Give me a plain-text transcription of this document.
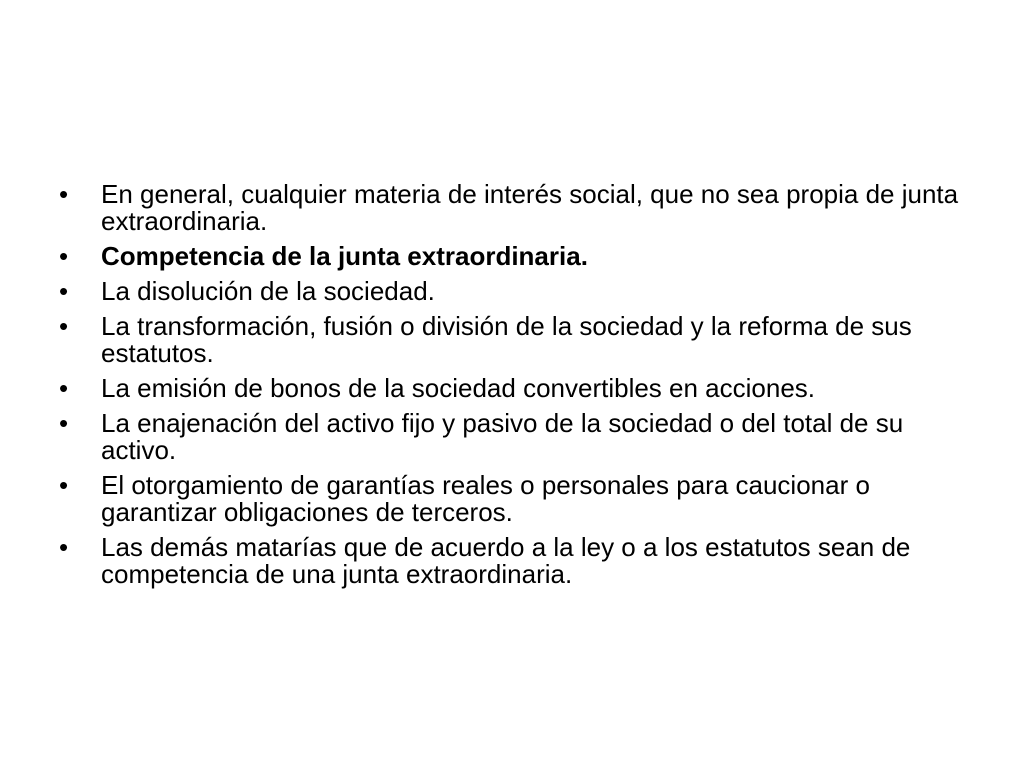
•	En general, cualquier materia de interés social, que no sea propia de junta extraordinaria.
•	Competencia de la junta extraordinaria.
•	La disolución de la sociedad.
•	La transformación, fusión o división de la sociedad y la reforma de sus estatutos.
•	La emisión de bonos de la sociedad convertibles en acciones.
•	La enajenación del activo fijo y pasivo de la sociedad o del total de su activo.
•	El otorgamiento de garantías reales o personales para caucionar o garantizar obligaciones de terceros.
•	Las demás matarías que de acuerdo a la ley o a los estatutos sean de competencia de una junta extraordinaria.
